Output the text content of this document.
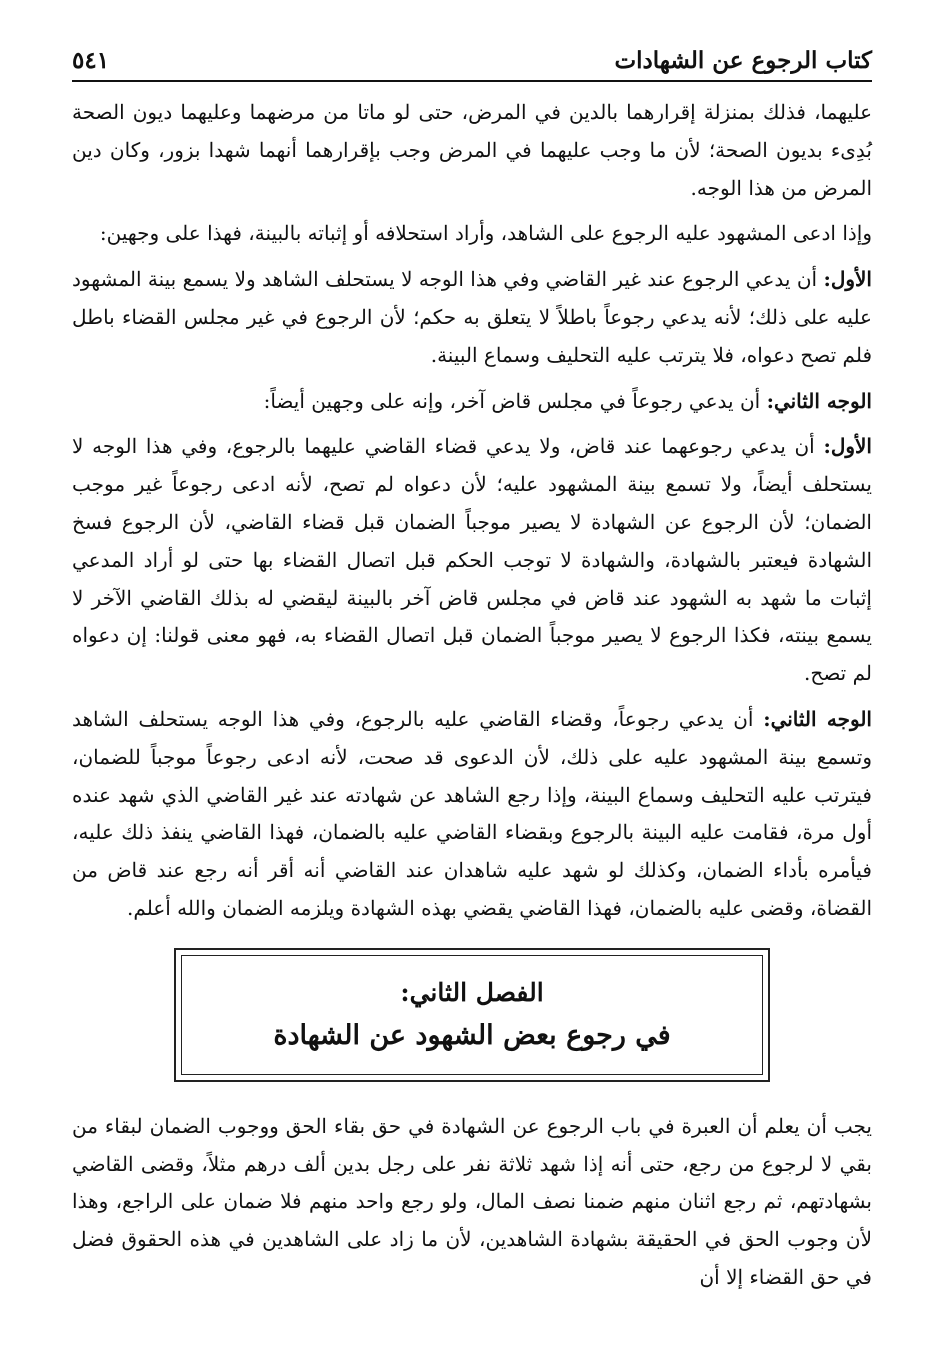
كتاب الرجوع عن الشهادات
٥٤١

عليهما، فذلك بمنزلة إقرارهما بالدين في المرض، حتى لو ماتا من مرضهما وعليهما ديون الصحة بُدِىء بديون الصحة؛ لأن ما وجب عليهما في المرض وجب بإقرارهما أنهما شهدا بزور، وكان دين المرض من هذا الوجه.

وإذا ادعى المشهود عليه الرجوع على الشاهد، وأراد استحلافه أو إثباته بالبينة، فهذا على وجهين:

الأول: أن يدعي الرجوع عند غير القاضي وفي هذا الوجه لا يستحلف الشاهد ولا يسمع بينة المشهود عليه على ذلك؛ لأنه يدعي رجوعاً باطلاً لا يتعلق به حكم؛ لأن الرجوع في غير مجلس القضاء باطل فلم تصح دعواه، فلا يترتب عليه التحليف وسماع البينة.

الوجه الثاني: أن يدعي رجوعاً في مجلس قاض آخر، وإنه على وجهين أيضاً:

الأول: أن يدعي رجوعهما عند قاض، ولا يدعي قضاء القاضي عليهما بالرجوع، وفي هذا الوجه لا يستحلف أيضاً، ولا تسمع بينة المشهود عليه؛ لأن دعواه لم تصح، لأنه ادعى رجوعاً غير موجب الضمان؛ لأن الرجوع عن الشهادة لا يصير موجباً الضمان قبل قضاء القاضي، لأن الرجوع فسخ الشهادة فيعتبر بالشهادة، والشهادة لا توجب الحكم قبل اتصال القضاء بها حتى لو أراد المدعي إثبات ما شهد به الشهود عند قاض في مجلس قاض آخر بالبينة ليقضي له بذلك القاضي الآخر لا يسمع بينته، فكذا الرجوع لا يصير موجباً الضمان قبل اتصال القضاء به، فهو معنى قولنا: إن دعواه لم تصح.

الوجه الثاني: أن يدعي رجوعاً، وقضاء القاضي عليه بالرجوع، وفي هذا الوجه يستحلف الشاهد وتسمع بينة المشهود عليه على ذلك، لأن الدعوى قد صحت، لأنه ادعى رجوعاً موجباً للضمان، فيترتب عليه التحليف وسماع البينة، وإذا رجع الشاهد عن شهادته عند غير القاضي الذي شهد عنده أول مرة، فقامت عليه البينة بالرجوع وبقضاء القاضي عليه بالضمان، فهذا القاضي ينفذ ذلك عليه، فيأمره بأداء الضمان، وكذلك لو شهد عليه شاهدان عند القاضي أنه أقر أنه رجع عند قاض من القضاة، وقضى عليه بالضمان، فهذا القاضي يقضي بهذه الشهادة ويلزمه الضمان والله أعلم.

الفصل الثاني:
في رجوع بعض الشهود عن الشهادة

يجب أن يعلم أن العبرة في باب الرجوع عن الشهادة في حق بقاء الحق ووجوب الضمان لبقاء من بقي لا لرجوع من رجع، حتى أنه إذا شهد ثلاثة نفر على رجل بدين ألف درهم مثلاً، وقضى القاضي بشهادتهم، ثم رجع اثنان منهم ضمنا نصف المال، ولو رجع واحد منهم فلا ضمان على الراجع، وهذا لأن وجوب الحق في الحقيقة بشهادة الشاهدين، لأن ما زاد على الشاهدين في هذه الحقوق فضل في حق القضاء إلا أن
